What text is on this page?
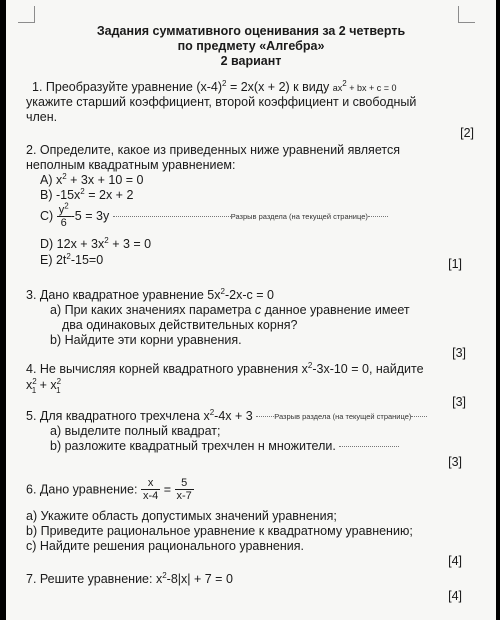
Задания суммативного оценивания за 2 четверть
по предмету «Алгебра»
2 вариант
1. Преобразуйте уравнение $(x-4)^2 = 2x(x + 2)$ к виду $ax^2$ + bx + c = 0
укажите старший коэффициент, второй коэффициент и свободный
член.
[2]
2. Определите, какое из приведенных ниже уравнений является
неполным квадратным уравнением:
A) $x^2 + 3x + 10 = 0$
B) $-15x^2 = 2x + 2$
$C) \frac{y^2}{6} -5 = 3y$	Разрыв раздела (на текущей странице)
D) $12x + 3x^2 + 3 = 0$
E) $2t^2-15=0$	[1]
3. Дано квадратное уравнение $5x^2-2x-c = 0$
а) При каких значениях параметра с данное уравнение имеет
два одинаковых действительных корня?
b) Найдите эти корни уравнения.
[3]
4. Не вычисляя корней квадратного уравнения $x^2-3x-10 = 0$, найдите
$x^2_1 + x^2_1$
[3]
5. Для квадратного трехчлена $x^2-4x + 3$	Разрыв раздела (на текущей странице)
а) выделите полный квадрат;
b) разложите квадратный трехчлен н множители.
[3]
6. Дано уравнение: $\frac{x}{x-4} = \frac{5}{x-7}$
а) Укажите область допустимых значений уравнения;
b) Приведите рациональное уравнение к квадратному уравнению;
c) Найдите решения рационального уравнения.
[4]
7. Решите уравнение: $x^2-8|x| + 7 = 0$
[4]
